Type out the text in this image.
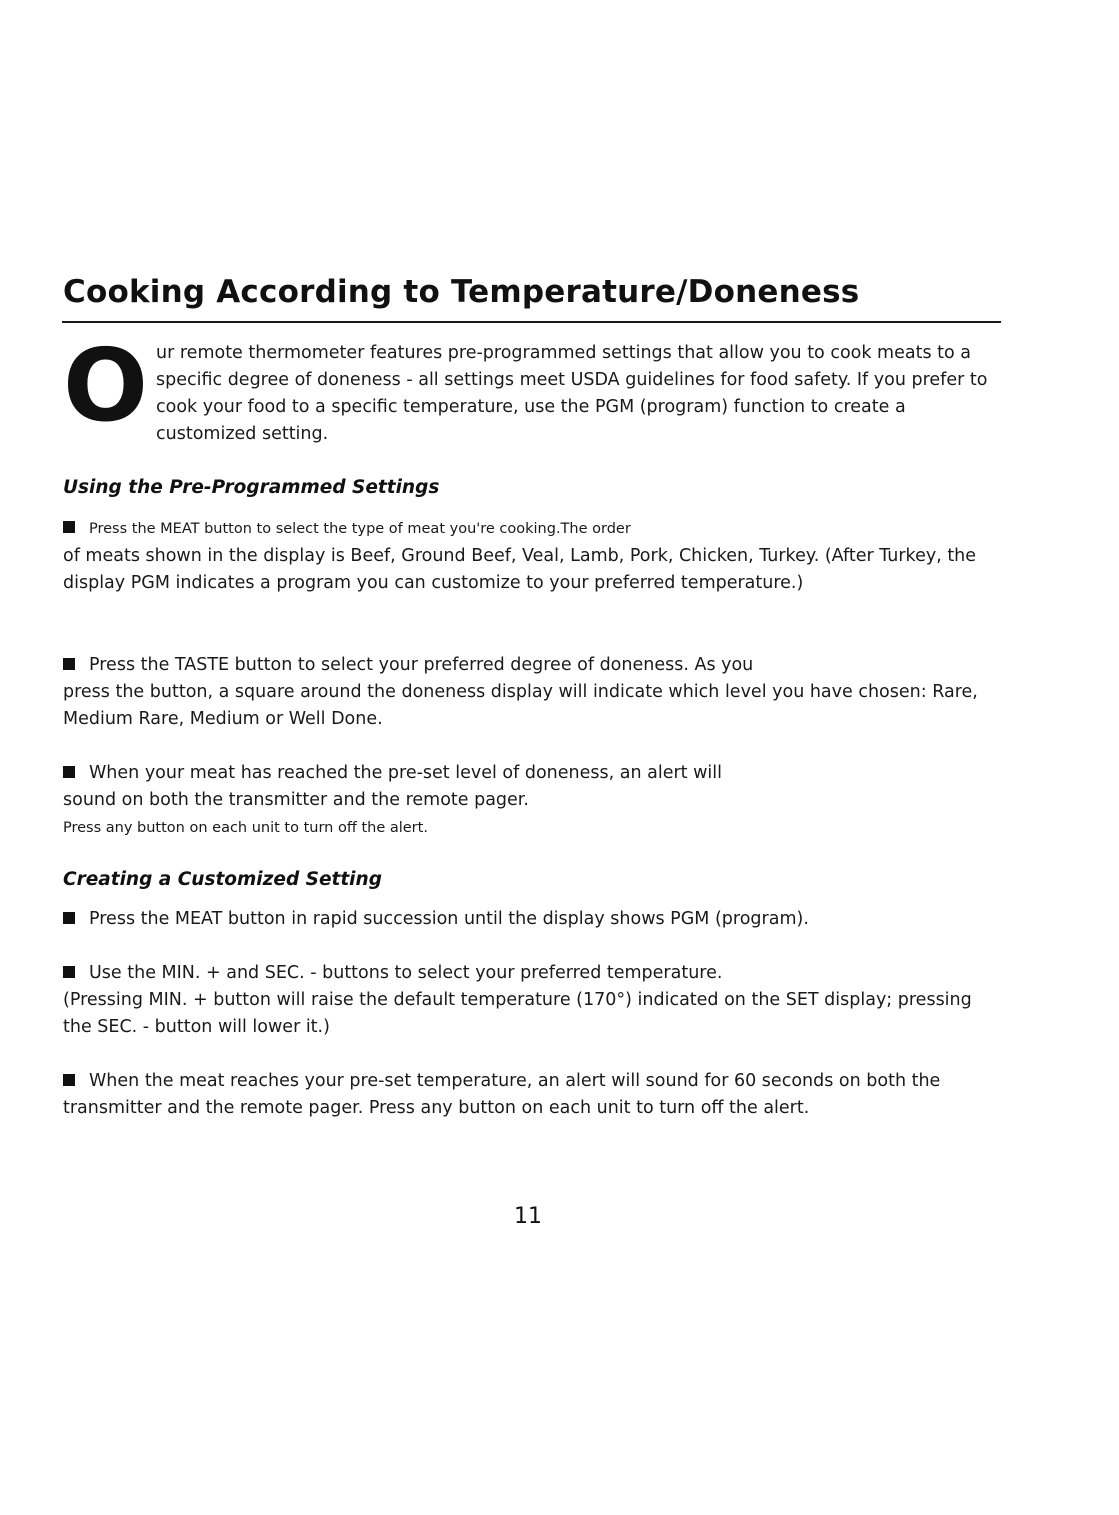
Cooking According to Temperature/Doneness

Our remote thermometer features pre-programmed settings that allow you to cook meats to a specific degree of doneness - all settings meet USDA guidelines for food safety. If you prefer to cook your food to a specific temperature, use the PGM (program) function to create a customized setting.

Using the Pre-Programmed Settings

Press the MEAT button to select the type of meat you're cooking.The order
of meats shown in the display is Beef, Ground Beef, Veal, Lamb, Pork, Chicken, Turkey. (After Turkey, the display PGM indicates a program you can customize to your preferred temperature.)

Press the TASTE button to select your preferred degree of doneness. As you
press the button, a square around the doneness display will indicate which level you have chosen: Rare, Medium Rare, Medium or Well Done.

When your meat has reached the pre-set level of doneness, an alert will
sound on both the transmitter and the remote pager.
Press any button on each unit to turn off the alert.

Creating a Customized Setting

Press the MEAT button in rapid succession until the display shows PGM (program).

Use the MIN. + and SEC. - buttons to select your preferred temperature.
(Pressing MIN. + button will raise the default temperature (170°) indicated on the SET display; pressing the SEC. - button will lower it.)

When the meat reaches your pre-set temperature, an alert will sound for 60 seconds on both the transmitter and the remote pager. Press any button on each unit to turn off the alert.

11
